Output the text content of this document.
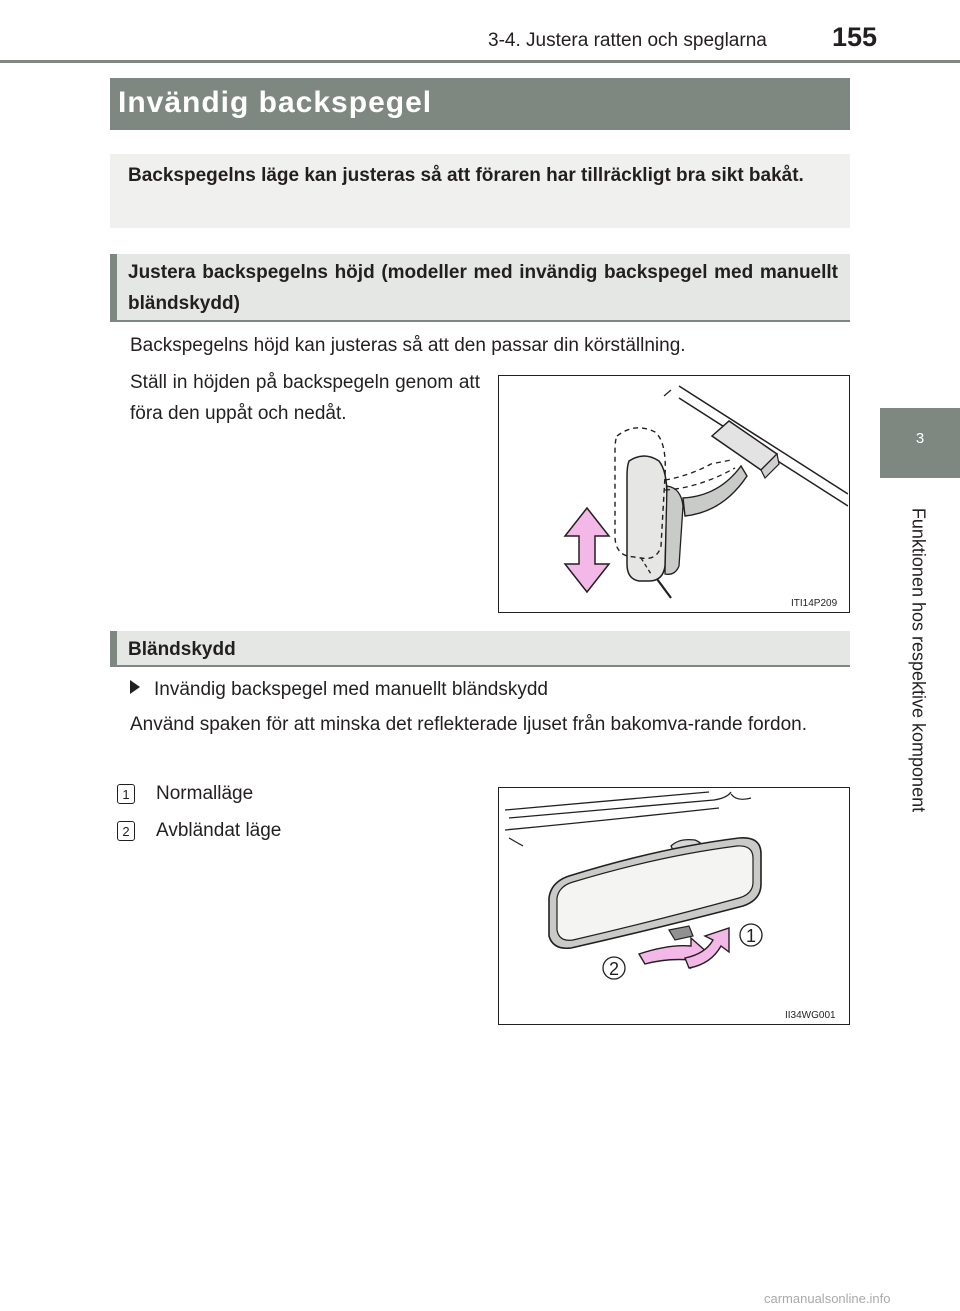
3-4. Justera ratten och speglarna 155
3
Funktionen hos respektive komponent
Invändig backspegel

Backspegelns läge kan justeras så att föraren har tillräckligt bra sikt bakåt.

Justera backspegelns höjd (modeller med invändig backspegel med manuellt bländskydd)

Backspegelns höjd kan justeras så att den passar din körställning.

Ställ in höjden på backspegeln genom att föra den uppåt och nedåt.

ITI14P209

Bländskydd

Invändig backspegel med manuellt bländskydd

Använd spaken för att minska det reflekterade ljuset från bakomva-rande fordon.

1 Normalläge
2 Avbländat läge
1
2
II34WG001
carmanualsonline.info
